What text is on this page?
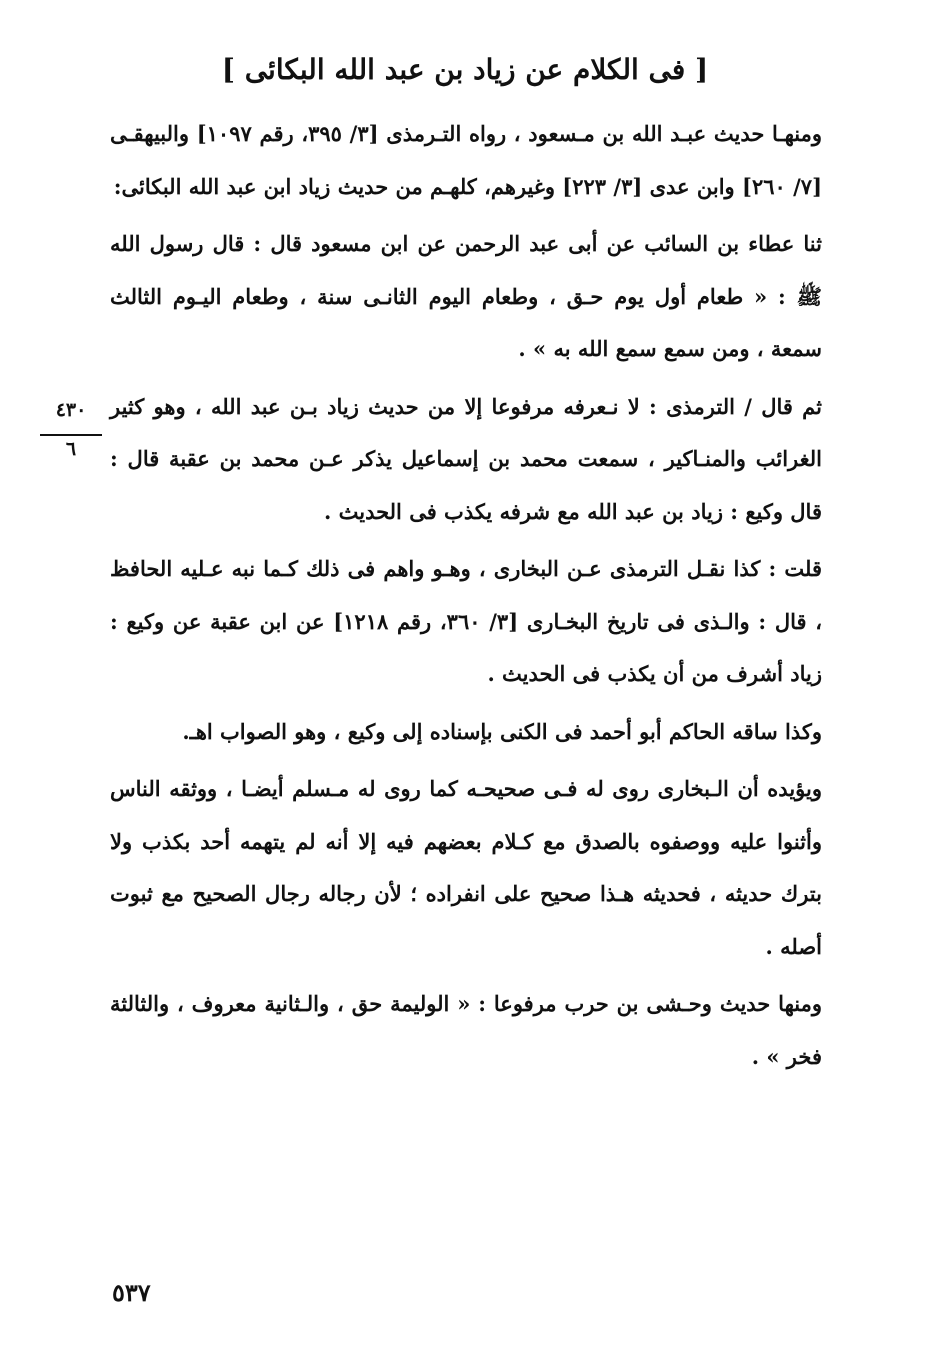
[ فى الكلام عن زياد بن عبد الله البكائى ]

ومنهـا حديث عبـد الله بن مـسعود ، رواه التـرمذى [٣/ ٣٩٥، رقم ١٠٩٧] والبيهقـى [٧/ ٢٦٠] وابن عدى [٣/ ٢٢٣] وغيرهم، كلهـم من حديث زياد ابن عبد الله البكائى:

ثنا عطاء بن السائب عن أبى عبد الرحمن عن ابن مسعود قال : قال رسول الله ﷺ : « طعام أول يوم حـق ، وطعام اليوم الثانـى سنة ، وطعام اليـوم الثالث سمعة ، ومن سمع سمع الله به » .

ثم قال / الترمذى : لا نـعرفه مرفوعا إلا من حديث زياد بـن عبد الله ، وهو كثير الغرائب والمنـاكير ، سمعت محمد بن إسماعيل يذكر عـن محمد بن عقبة قال : قال وكيع : زياد بن عبد الله مع شرفه يكذب فى الحديث .

قلت : كذا نقـل الترمذى عـن البخارى ، وهـو واهم فى ذلك كـما نبه عـليه الحافظ ، قال : والـذى فى تاريخ البخـارى [٣/ ٣٦٠، رقم ١٢١٨] عن ابن عقبة عن وكيع : زياد أشرف من أن يكذب فى الحديث .

وكذا ساقه الحاكم أبو أحمد فى الكنى بإسناده إلى وكيع ، وهو الصواب اهـ.

ويؤيده أن الـبخارى روى له فـى صحيحـه كما روى له مـسلم أيضـا ، ووثقه الناس وأثنوا عليه ووصفوه بالصدق مع كـلام بعضهم فيه إلا أنه لم يتهمه أحد بكذب ولا بترك حديثه ، فحديثه هـذا صحيح على انفراده ؛ لأن رجاله رجال الصحيح مع ثبوت أصله .

ومنها حديث وحـشى بن حرب مرفوعا : « الوليمة حق ، والـثانية معروف ، والثالثة فخر » .

٤٣٠
٦
٥٣٧
